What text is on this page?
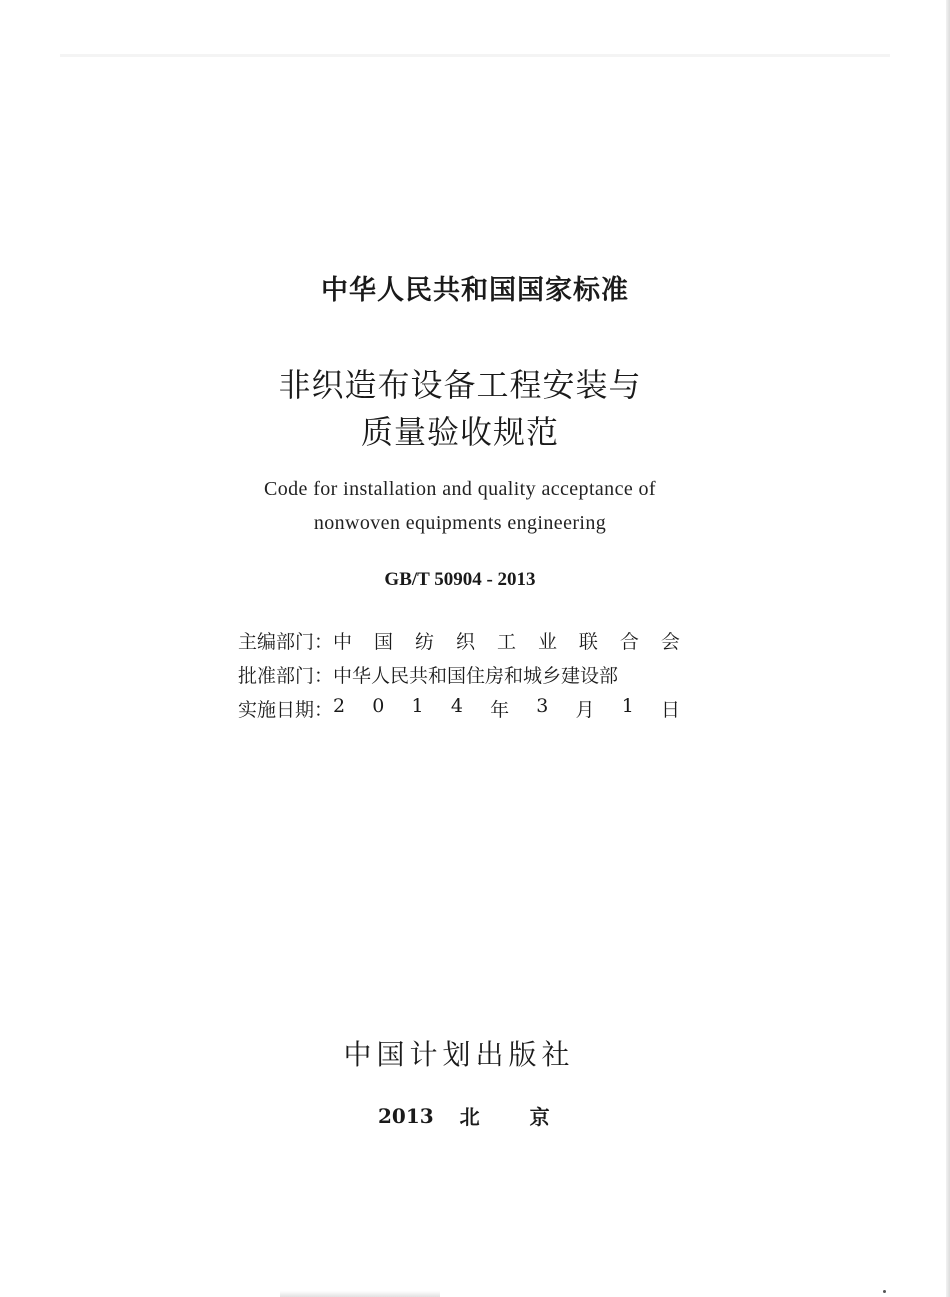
中华人民共和国国家标准
非织造布设备工程安装与
质量验收规范
Code for installation and quality acceptance of
nonwoven equipments engineering
GB/T 50904 - 2013
主编部门： 中 国 纺 织 工 业 联 合 会
批准部门： 中华人民共和国住房和城乡建设部
实施日期： 2 0 1 4 年 3 月 1 日
中国计划出版社
2013 北	京
